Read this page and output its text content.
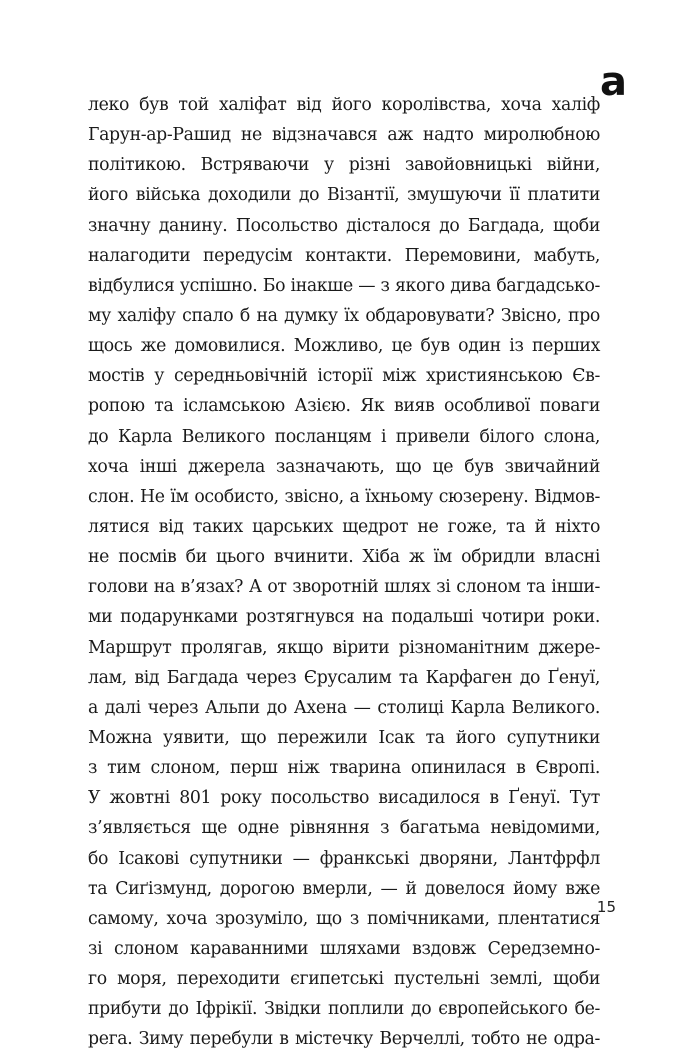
а
леко був той халіфат від його королівства, хоча халіф
Гарун-ар-Рашид не відзначався аж надто миролюбною
політикою. Встряваючи у різні завойовницькі війни,
його війська доходили до Візантії, змушуючи її платити
значну данину. Посольство дісталося до Багдада, щоби
налагодити передусім контакти. Перемовини, мабуть,
відбулися успішно. Бо інакше — з якого дива багдадсько-
му халіфу спало б на думку їх обдаровувати? Звісно, про
щось же домовилися. Можливо, це був один із перших
мостів у середньовічній історії між християнською Єв-
ропою та ісламською Азією. Як вияв особливої поваги
до Карла Великого посланцям і привели білого слона,
хоча інші джерела зазначають, що це був звичайний
слон. Не їм особисто, звісно, а їхньому сюзерену. Відмов-
лятися від таких царських щедрот не гоже, та й ніхто
не посмів би цього вчинити. Хіба ж їм обридли власні
голови на в’язах? А от зворотній шлях зі слоном та інши-
ми подарунками розтягнувся на подальші чотири роки.
Маршрут пролягав, якщо вірити різноманітним джере-
лам, від Багдада через Єрусалим та Карфаген до Ґенуї,
а далі через Альпи до Ахена — столиці Карла Великого.
Можна уявити, що пережили Ісак та його супутники
з тим слоном, перш ніж тварина опинилася в Європі.
У жовтні 801 року посольство висадилося в Ґенуї. Тут
з’являється ще одне рівняння з багатьма невідомими,
бо Ісакові супутники — франкські дворяни, Лантфрфл
та Сиґізмунд, дорогою вмерли, — й довелося йому вже
самому, хоча зрозуміло, що з помічниками, плентатися
зі слоном караванними шляхами вздовж Середземно-
го моря, переходити єгипетські пустельні землі, щоби
прибути до Іфрікії. Звідки поплили до європейського бе-
рега. Зиму перебули в містечку Верчеллі, тобто не одра-
15
